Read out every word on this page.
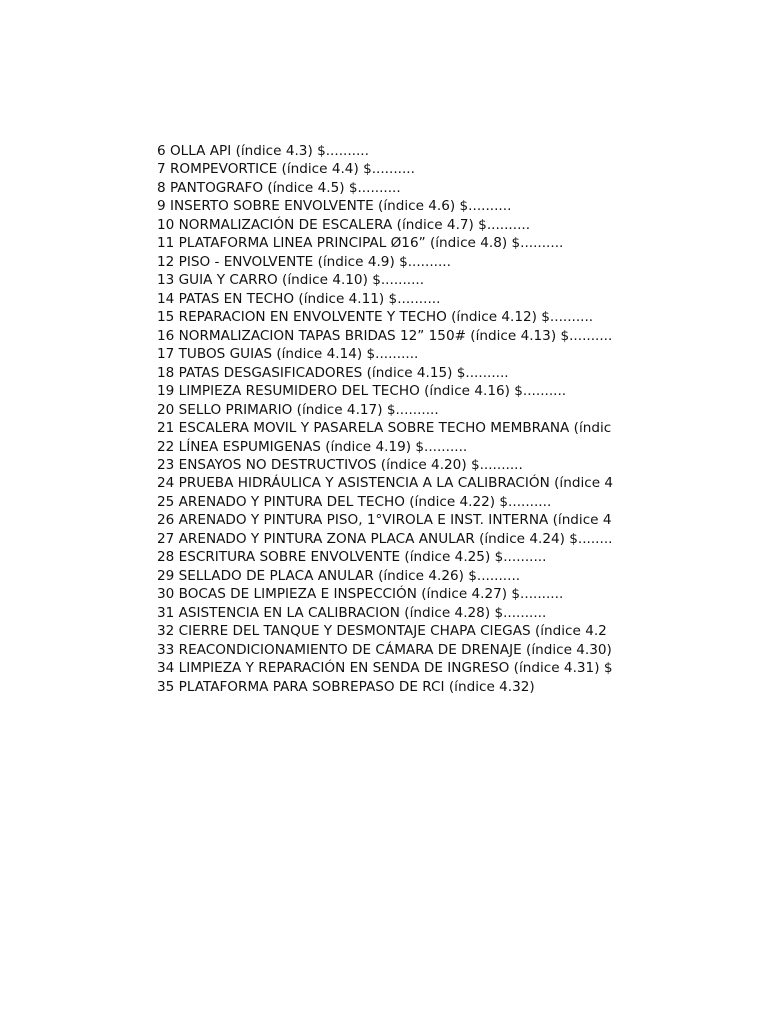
6 OLLA API (índice 4.3) $..........
7 ROMPEVORTICE (índice 4.4) $..........
8 PANTOGRAFO (índice 4.5) $..........
9 INSERTO SOBRE ENVOLVENTE (índice 4.6) $..........
10 NORMALIZACIÓN DE ESCALERA (índice 4.7) $..........
11 PLATAFORMA LINEA PRINCIPAL Ø16” (índice 4.8) $..........
12 PISO - ENVOLVENTE (índice 4.9) $..........
13 GUIA Y CARRO (índice 4.10) $..........
14 PATAS EN TECHO (índice 4.11) $..........
15 REPARACION EN ENVOLVENTE Y TECHO (índice 4.12) $..........
16 NORMALIZACION TAPAS BRIDAS 12” 150# (índice 4.13) $..........
17 TUBOS GUIAS (índice 4.14) $..........
18 PATAS DESGASIFICADORES (índice 4.15) $..........
19 LIMPIEZA RESUMIDERO DEL TECHO (índice 4.16) $..........
20 SELLO PRIMARIO (índice 4.17) $..........
21 ESCALERA MOVIL Y PASARELA SOBRE TECHO MEMBRANA (índic
22 LÍNEA ESPUMIGENAS (índice 4.19) $..........
23 ENSAYOS NO DESTRUCTIVOS (índice 4.20) $..........
24 PRUEBA HIDRÁULICA Y ASISTENCIA A LA CALIBRACIÓN (índice 4
25 ARENADO Y PINTURA DEL TECHO (índice 4.22) $..........
26 ARENADO Y PINTURA PISO, 1°VIROLA E INST. INTERNA (índice 4
27 ARENADO Y PINTURA ZONA PLACA ANULAR (índice 4.24) $........
28 ESCRITURA SOBRE ENVOLVENTE (índice 4.25) $..........
29 SELLADO DE PLACA ANULAR (índice 4.26) $..........
30 BOCAS DE LIMPIEZA E INSPECCIÓN (índice 4.27) $..........
31 ASISTENCIA EN LA CALIBRACION (índice 4.28) $..........
32 CIERRE DEL TANQUE Y DESMONTAJE CHAPA CIEGAS (índice 4.2
33 REACONDICIONAMIENTO DE CÁMARA DE DRENAJE (índice 4.30)
34 LIMPIEZA Y REPARACIÓN EN SENDA DE INGRESO (índice 4.31) $
35 PLATAFORMA PARA SOBREPASO DE RCI (índice 4.32)
